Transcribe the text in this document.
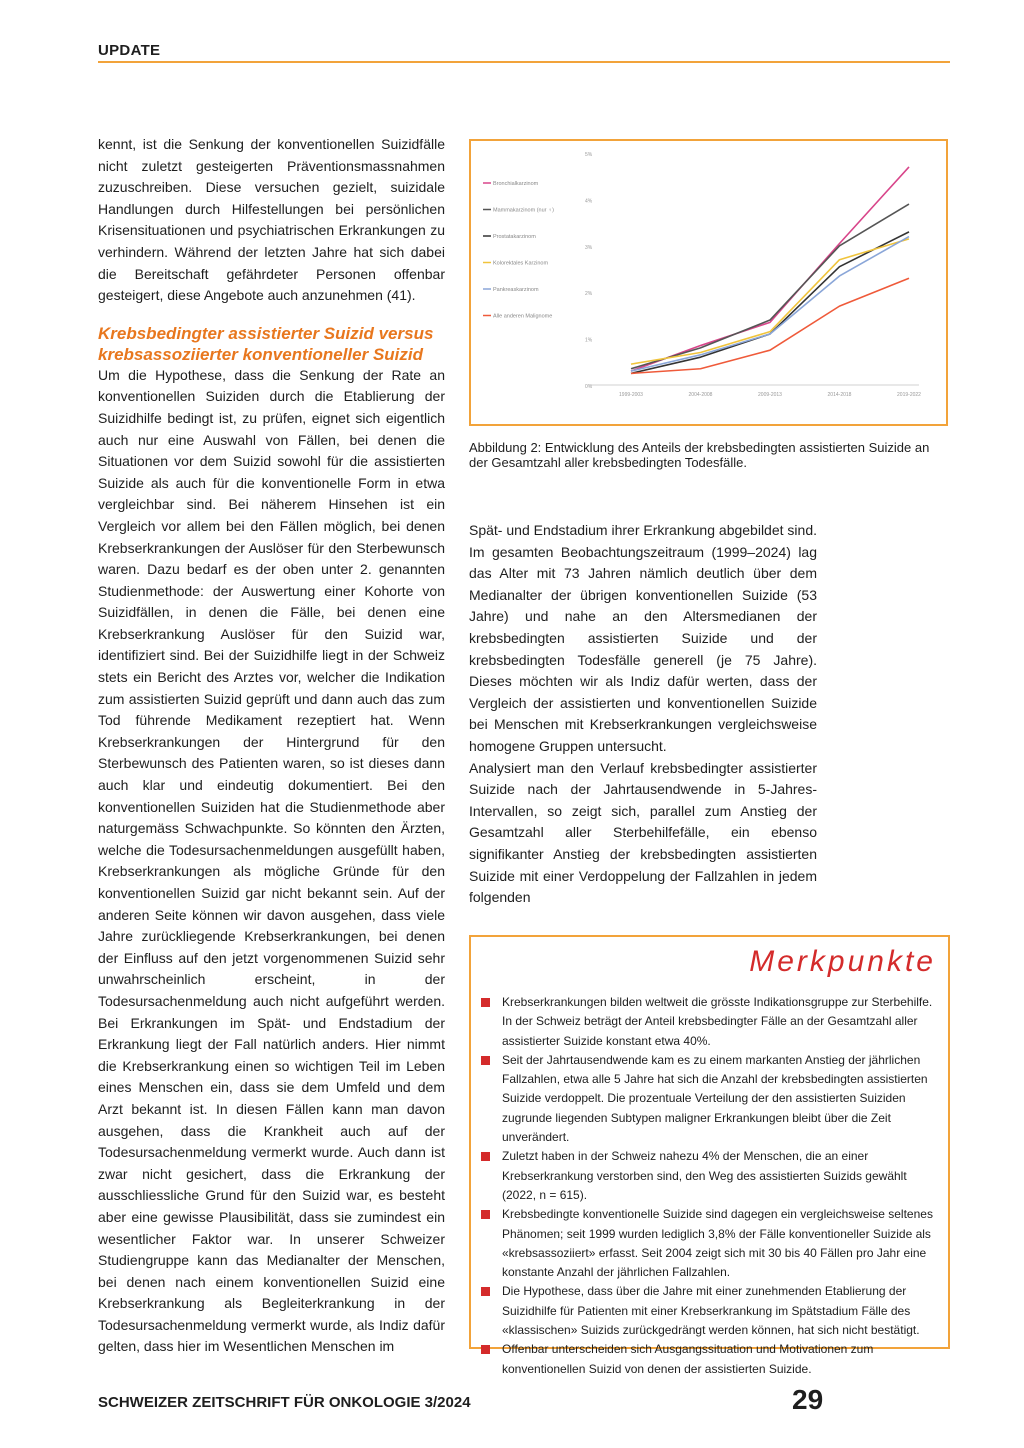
UPDATE

kennt, ist die Senkung der konventionellen Suizidfälle nicht zuletzt gesteigerten Präventionsmassnahmen zuzuschreiben. Diese versuchen gezielt, suizidale Handlungen durch Hilfestellungen bei persönlichen Krisensituationen und psychiatrischen Erkrankungen zu verhindern. Während der letzten Jahre hat sich dabei die Bereitschaft gefährdeter Personen offenbar gesteigert, diese Angebote auch anzunehmen (41).

Krebsbedingter assistierter Suizid versus krebsassoziierter konventioneller Suizid

Um die Hypothese, dass die Senkung der Rate an konventionellen Suiziden durch die Etablierung der Suizidhilfe bedingt ist, zu prüfen, eignet sich eigentlich auch nur eine Auswahl von Fällen, bei denen die Situationen vor dem Suizid sowohl für die assistierten Suizide als auch für die konventionelle Form in etwa vergleichbar sind. Bei näherem Hinsehen ist ein Vergleich vor allem bei den Fällen möglich, bei denen Krebserkrankungen der Auslöser für den Sterbewunsch waren. Dazu bedarf es der oben unter 2. genannten Studienmethode: der Auswertung einer Kohorte von Suizidfällen, in denen die Fälle, bei denen eine Krebserkrankung Auslöser für den Suizid war, identifiziert sind. Bei der Suizidhilfe liegt in der Schweiz stets ein Bericht des Arztes vor, welcher die Indikation zum assistierten Suizid geprüft und dann auch das zum Tod führende Medikament rezeptiert hat. Wenn Krebserkrankungen der Hintergrund für den Sterbewunsch des Patienten waren, so ist dieses dann auch klar und eindeutig dokumentiert. Bei den konventionellen Suiziden hat die Studienmethode aber naturgemäss Schwachpunkte. So könnten den Ärzten, welche die Todesursachenmeldungen ausgefüllt haben, Krebserkrankungen als mögliche Gründe für den konventionellen Suizid gar nicht bekannt sein. Auf der anderen Seite können wir davon ausgehen, dass viele Jahre zurückliegende Krebserkrankungen, bei denen der Einfluss auf den jetzt vorgenommenen Suizid sehr unwahrscheinlich erscheint, in der Todesursachenmeldung auch nicht aufgeführt werden. Bei Erkrankungen im Spät- und Endstadium der Erkrankung liegt der Fall natürlich anders. Hier nimmt die Krebserkrankung einen so wichtigen Teil im Leben eines Menschen ein, dass sie dem Umfeld und dem Arzt bekannt ist. In diesen Fällen kann man davon ausgehen, dass die Krankheit auch auf der Todesursachenmeldung vermerkt wurde. Auch dann ist zwar nicht gesichert, dass die Erkrankung der ausschliessliche Grund für den Suizid war, es besteht aber eine gewisse Plausibilität, dass sie zumindest ein wesentlicher Faktor war. In unserer Schweizer Studiengruppe kann das Medianalter der Menschen, bei denen nach einem konventionellen Suizid eine Krebserkrankung als Begleiterkrankung in der Todesursachenmeldung vermerkt wurde, als Indiz dafür gelten, dass hier im Wesentlichen Menschen im

0%
1%
2%
3%
4%
5%
1999-2003	2004-2008	2009-2013	2014-2018	2019-2022
Bronchialkarzinom
Mammakarzinom (nur ♀)
Prostatakarzinom
Kolorektales Karzinom
Pankreaskarzinom
Alle anderen Malignome
Abbildung 2: Entwicklung des Anteils der krebsbedingten assistierten Suizide an der Gesamtzahl aller krebsbedingten Todesfälle.

Spät- und Endstadium ihrer Erkrankung abgebildet sind. Im gesamten Beobachtungszeitraum (1999–2024) lag das Alter mit 73 Jahren nämlich deutlich über dem Medianalter der übrigen konventionellen Suizide (53 Jahre) und nahe an den Altersmedianen der krebsbedingten assistierten Suizide und der krebsbedingten Todesfälle generell (je 75 Jahre). Dieses möchten wir als Indiz dafür werten, dass der Vergleich der assistierten und konventionellen Suizide bei Menschen mit Krebserkrankungen vergleichsweise homogene Gruppen untersucht.

Analysiert man den Verlauf krebsbedingter assistierter Suizide nach der Jahrtausendwende in 5-Jahres-Intervallen, so zeigt sich, parallel zum Anstieg der Gesamtzahl aller Sterbehilfefälle, ein ebenso signifikanter Anstieg der krebsbedingten assistierten Suizide mit einer Verdoppelung der Fallzahlen in jedem folgenden

Merkpunkte
Krebserkrankungen bilden weltweit die grösste Indikationsgruppe zur Sterbehilfe. In der Schweiz beträgt der Anteil krebsbedingter Fälle an der Gesamtzahl aller assistierter Suizide konstant etwa 40%.
Seit der Jahrtausendwende kam es zu einem markanten Anstieg der jährlichen Fallzahlen, etwa alle 5 Jahre hat sich die Anzahl der krebsbedingten assistierten Suizide verdoppelt. Die prozentuale Verteilung der den assistierten Suiziden zugrunde liegenden Subtypen maligner Erkrankungen bleibt über die Zeit unverändert.
Zuletzt haben in der Schweiz nahezu 4% der Menschen, die an einer Krebserkrankung verstorben sind, den Weg des assistierten Suizids gewählt (2022, n = 615).
Krebsbedingte konventionelle Suizide sind dagegen ein vergleichsweise seltenes Phänomen; seit 1999 wurden lediglich 3,8% der Fälle konventioneller Suizide als «krebsassoziiert» erfasst. Seit 2004 zeigt sich mit 30 bis 40 Fällen pro Jahr eine konstante Anzahl der jährlichen Fallzahlen.
Die Hypothese, dass über die Jahre mit einer zunehmenden Etablierung der Suizidhilfe für Patienten mit einer Krebserkrankung im Spätstadium Fälle des «klassischen» Suizids zurückgedrängt werden können, hat sich nicht bestätigt.
Offenbar unterscheiden sich Ausgangssituation und Motivationen zum konventionellen Suizid von denen der assistierten Suizide.
SCHWEIZER ZEITSCHRIFT FÜR ONKOLOGIE 3/2024	29
